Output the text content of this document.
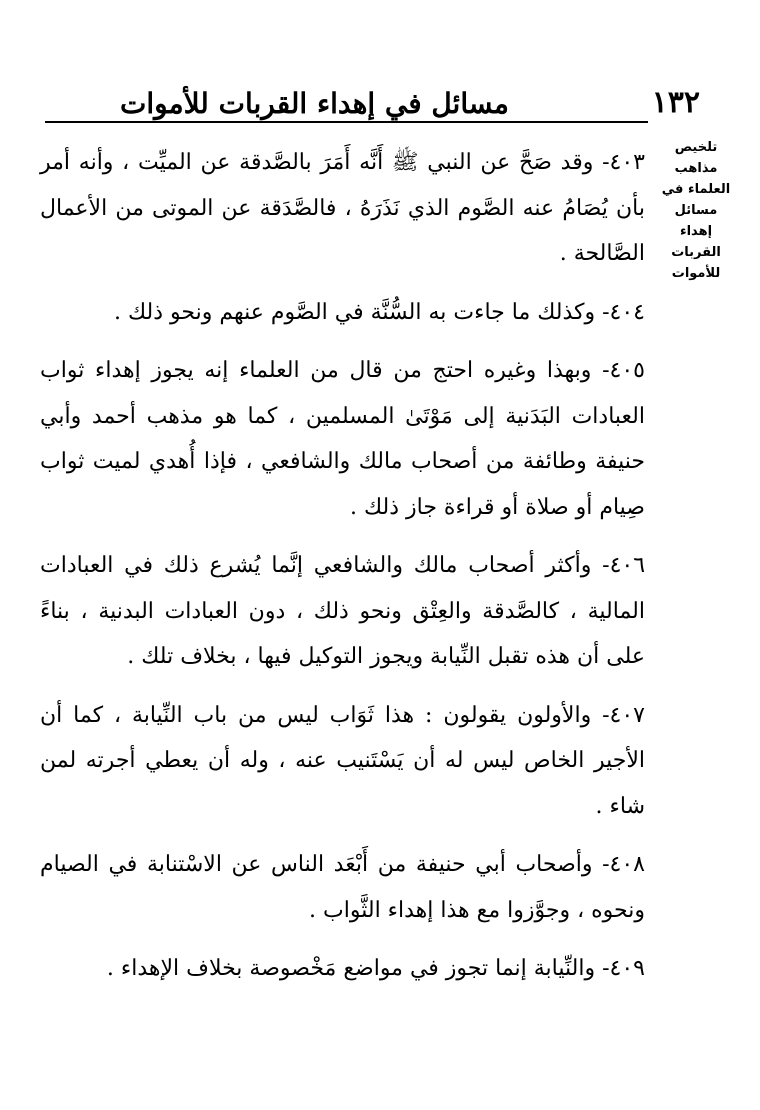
١٣٢
مسائل في إهداء القربات للأموات
تلخيص
مذاهب
العلماء في
مسائل
إهداء
القربات
للأموات

٤٠٣- وقد صَحَّ عن النبي ﷺ أَنَّه أَمَرَ بالصَّدقة عن الميِّت ، وأنه أمر بأن يُصَامُ عنه الصَّوم الذي نَذَرَهُ ، فالصَّدَقة عن الموتى من الأعمال الصَّالحة .

٤٠٤- وكذلك ما جاءت به السُّنَّة في الصَّوم عنهم ونحو ذلك .

٤٠٥- وبهذا وغيره احتج من قال من العلماء إنه يجوز إهداء ثواب العبادات البَدَنية إلى مَوْتَىٰ المسلمين ، كما هو مذهب أحمد وأبي حنيفة وطائفة من أصحاب مالك والشافعي ، فإذا أُهدي لميت ثواب صِيام أو صلاة أو قراءة جاز ذلك .

٤٠٦- وأكثر أصحاب مالك والشافعي إنَّما يُشرع ذلك في العبادات المالية ، كالصَّدقة والعِتْق ونحو ذلك ، دون العبادات البدنية ، بناءً على أن هذه تقبل النِّيابة ويجوز التوكيل فيها ، بخلاف تلك .

٤٠٧- والأولون يقولون : هذا ثَوَاب ليس من باب النِّيابة ، كما أن الأجير الخاص ليس له أن يَسْتَنيب عنه ، وله أن يعطي أجرته لمن شاء .

٤٠٨- وأصحاب أبي حنيفة من أَبْعَد الناس عن الاسْتنابة في الصيام ونحوه ، وجوَّزوا مع هذا إهداء الثَّواب .

٤٠٩- والنِّيابة إنما تجوز في مواضع مَخْصوصة بخلاف الإهداء .
